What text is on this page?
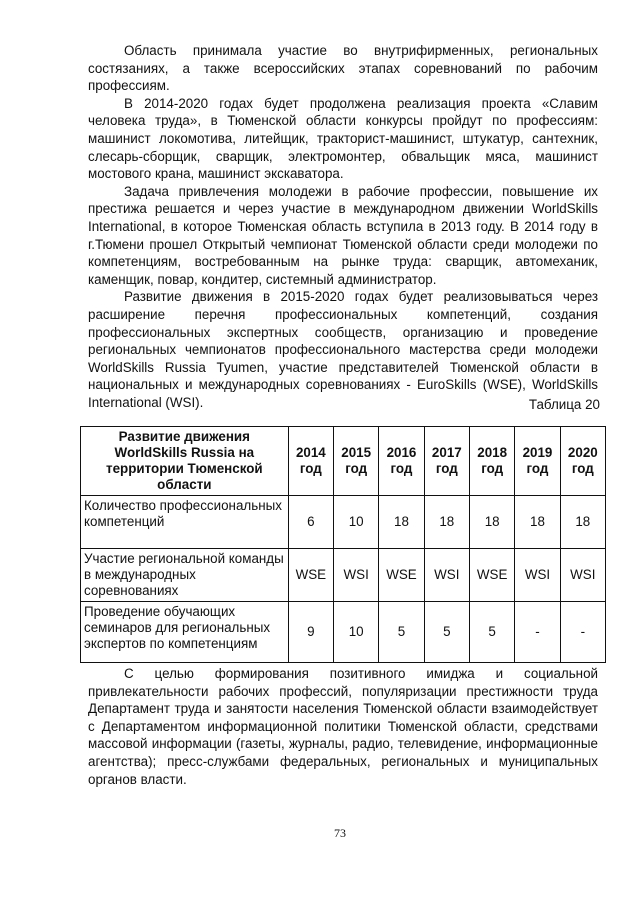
Область принимала участие во внутрифирменных, региональных состязаниях, а также всероссийских этапах соревнований по рабочим профессиям.

В 2014-2020 годах будет продолжена реализация проекта «Славим человека труда», в Тюменской области конкурсы пройдут по профессиям: машинист локомотива, литейщик, тракторист-машинист, штукатур, сантехник, слесарь-сборщик, сварщик, электромонтер, обвальщик мяса, машинист мостового крана, машинист экскаватора.

Задача привлечения молодежи в рабочие профессии, повышение их престижа решается и через участие в международном движении WorldSkills International, в которое Тюменская область вступила в 2013 году. В 2014 году в г.Тюмени прошел Открытый чемпионат Тюменской области среди молодежи по компетенциям, востребованным на рынке труда: сварщик, автомеханик, каменщик, повар, кондитер, системный администратор.

Развитие движения в 2015-2020 годах будет реализовываться через расширение перечня профессиональных компетенций, создания профессиональных экспертных сообществ, организацию и проведение региональных чемпионатов профессионального мастерства среди молодежи WorldSkills Russia Tyumen, участие представителей Тюменской области в национальных и международных соревнованиях - EuroSkills (WSE), WorldSkills International (WSI).	Таблица 20
Развитие движения WorldSkills Russia на территории Тюменской области	2014 год	2015 год	2016 год	2017 год	2018 год	2019 год	2020 год
Количество профессиональных компетенций	6	10	18	18	18	18	18
Участие региональной команды в международных соревнованиях	WSE	WSI	WSE	WSI	WSE	WSI	WSI
Проведение обучающих семинаров для региональных экспертов по компетенциям	9	10	5	5	5	-	-

С целью формирования позитивного имиджа и социальной привлекательности рабочих профессий, популяризации престижности труда Департамент труда и занятости населения Тюменской области взаимодействует с Департаментом информационной политики Тюменской области, средствами массовой информации (газеты, журналы, радио, телевидение, информационные агентства); пресс-службами федеральных, региональных и муниципальных органов власти.

73
